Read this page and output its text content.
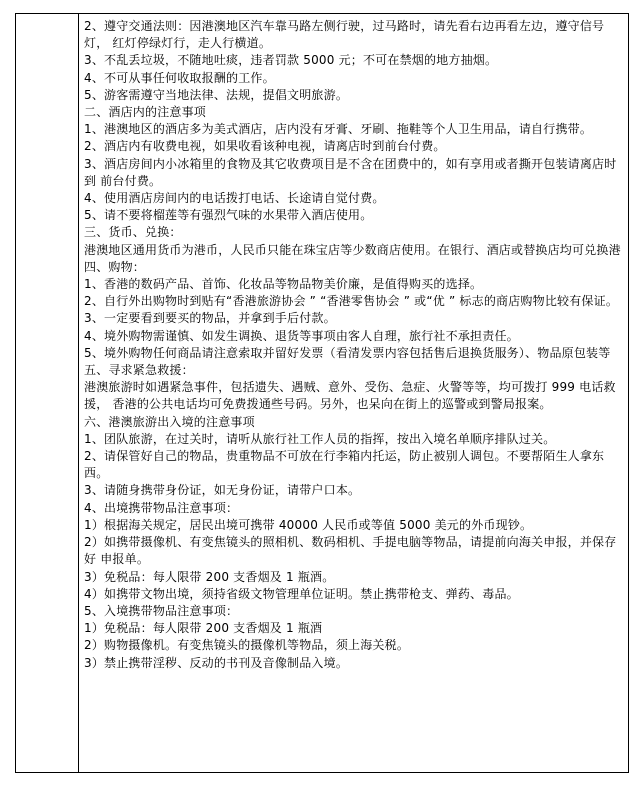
2、遵守交通法则：因港澳地区汽车靠马路左侧行驶，过马路时，请先看右边再看左边，遵守信号灯， 红灯停绿灯行，走人行横道。
3、不乱丢垃圾，不随地吐痰，违者罚款 5000 元；不可在禁烟的地方抽烟。
4、不可从事任何收取报酬的工作。
5、游客需遵守当地法律、法规，提倡文明旅游。
二、酒店内的注意事项
1、港澳地区的酒店多为美式酒店，店内没有牙膏、牙刷、拖鞋等个人卫生用品，请自行携带。
2、酒店内有收费电视，如果收看该种电视，请离店时到前台付费。
3、酒店房间内小冰箱里的食物及其它收费项目是不含在团费中的，如有享用或者撕开包装请离店时到 前台付费。
4、使用酒店房间内的电话拨打电话、长途请自觉付费。
5、请不要将榴莲等有强烈气味的水果带入酒店使用。
三、货币、兑换：
港澳地区通用货币为港币，人民币只能在珠宝店等少数商店使用。在银行、酒店或替换店均可兑换港
四、购物：
1、香港的数码产品、首饰、化妆品等物品物美价廉，是值得购买的选择。
2、自行外出购物时到贴有“香港旅游协会 ” “香港零售协会 ” 或“优 ” 标志的商店购物比较有保证。
3、一定要看到要买的物品，并拿到手后付款。
4、境外购物需谨慎、如发生调换、退货等事项由客人自理，旅行社不承担责任。
5、境外购物任何商品请注意索取并留好发票（看清发票内容包括售后退换货服务）、物品原包装等
五、寻求紧急救援：
港澳旅游时如遇紧急事件，包括遗失、遇贼、意外、受伤、急症、火警等等，均可拨打 999 电话救援， 香港的公共电话均可免费拨通些号码。另外，也呆向在街上的巡警或到警局报案。
六、港澳旅游出入境的注意事项
1、团队旅游，在过关时，请听从旅行社工作人员的指挥，按出入境名单顺序排队过关。
2、请保管好自己的物品，贵重物品不可放在行李箱内托运，防止被别人调包。不要帮陌生人拿东西。
3、请随身携带身份证，如无身份证，请带户口本。
4、出境携带物品注意事项：
1）根据海关规定，居民出境可携带 40000 人民币或等值 5000 美元的外币现钞。
2）如携带摄像机、有变焦镜头的照相机、数码相机、手提电脑等物品，请提前向海关申报，并保存好 申报单。
3）免税品：每人限带 200 支香烟及 1 瓶酒。
4）如携带文物出境，须持省级文物管理单位证明。禁止携带枪支、弹药、毒品。
5、入境携带物品注意事项：
1）免税品：每人限带 200 支香烟及 1 瓶酒
2）购物摄像机。有变焦镜头的摄像机等物品，须上海关税。
3）禁止携带淫秽、反动的书刊及音像制品入境。
